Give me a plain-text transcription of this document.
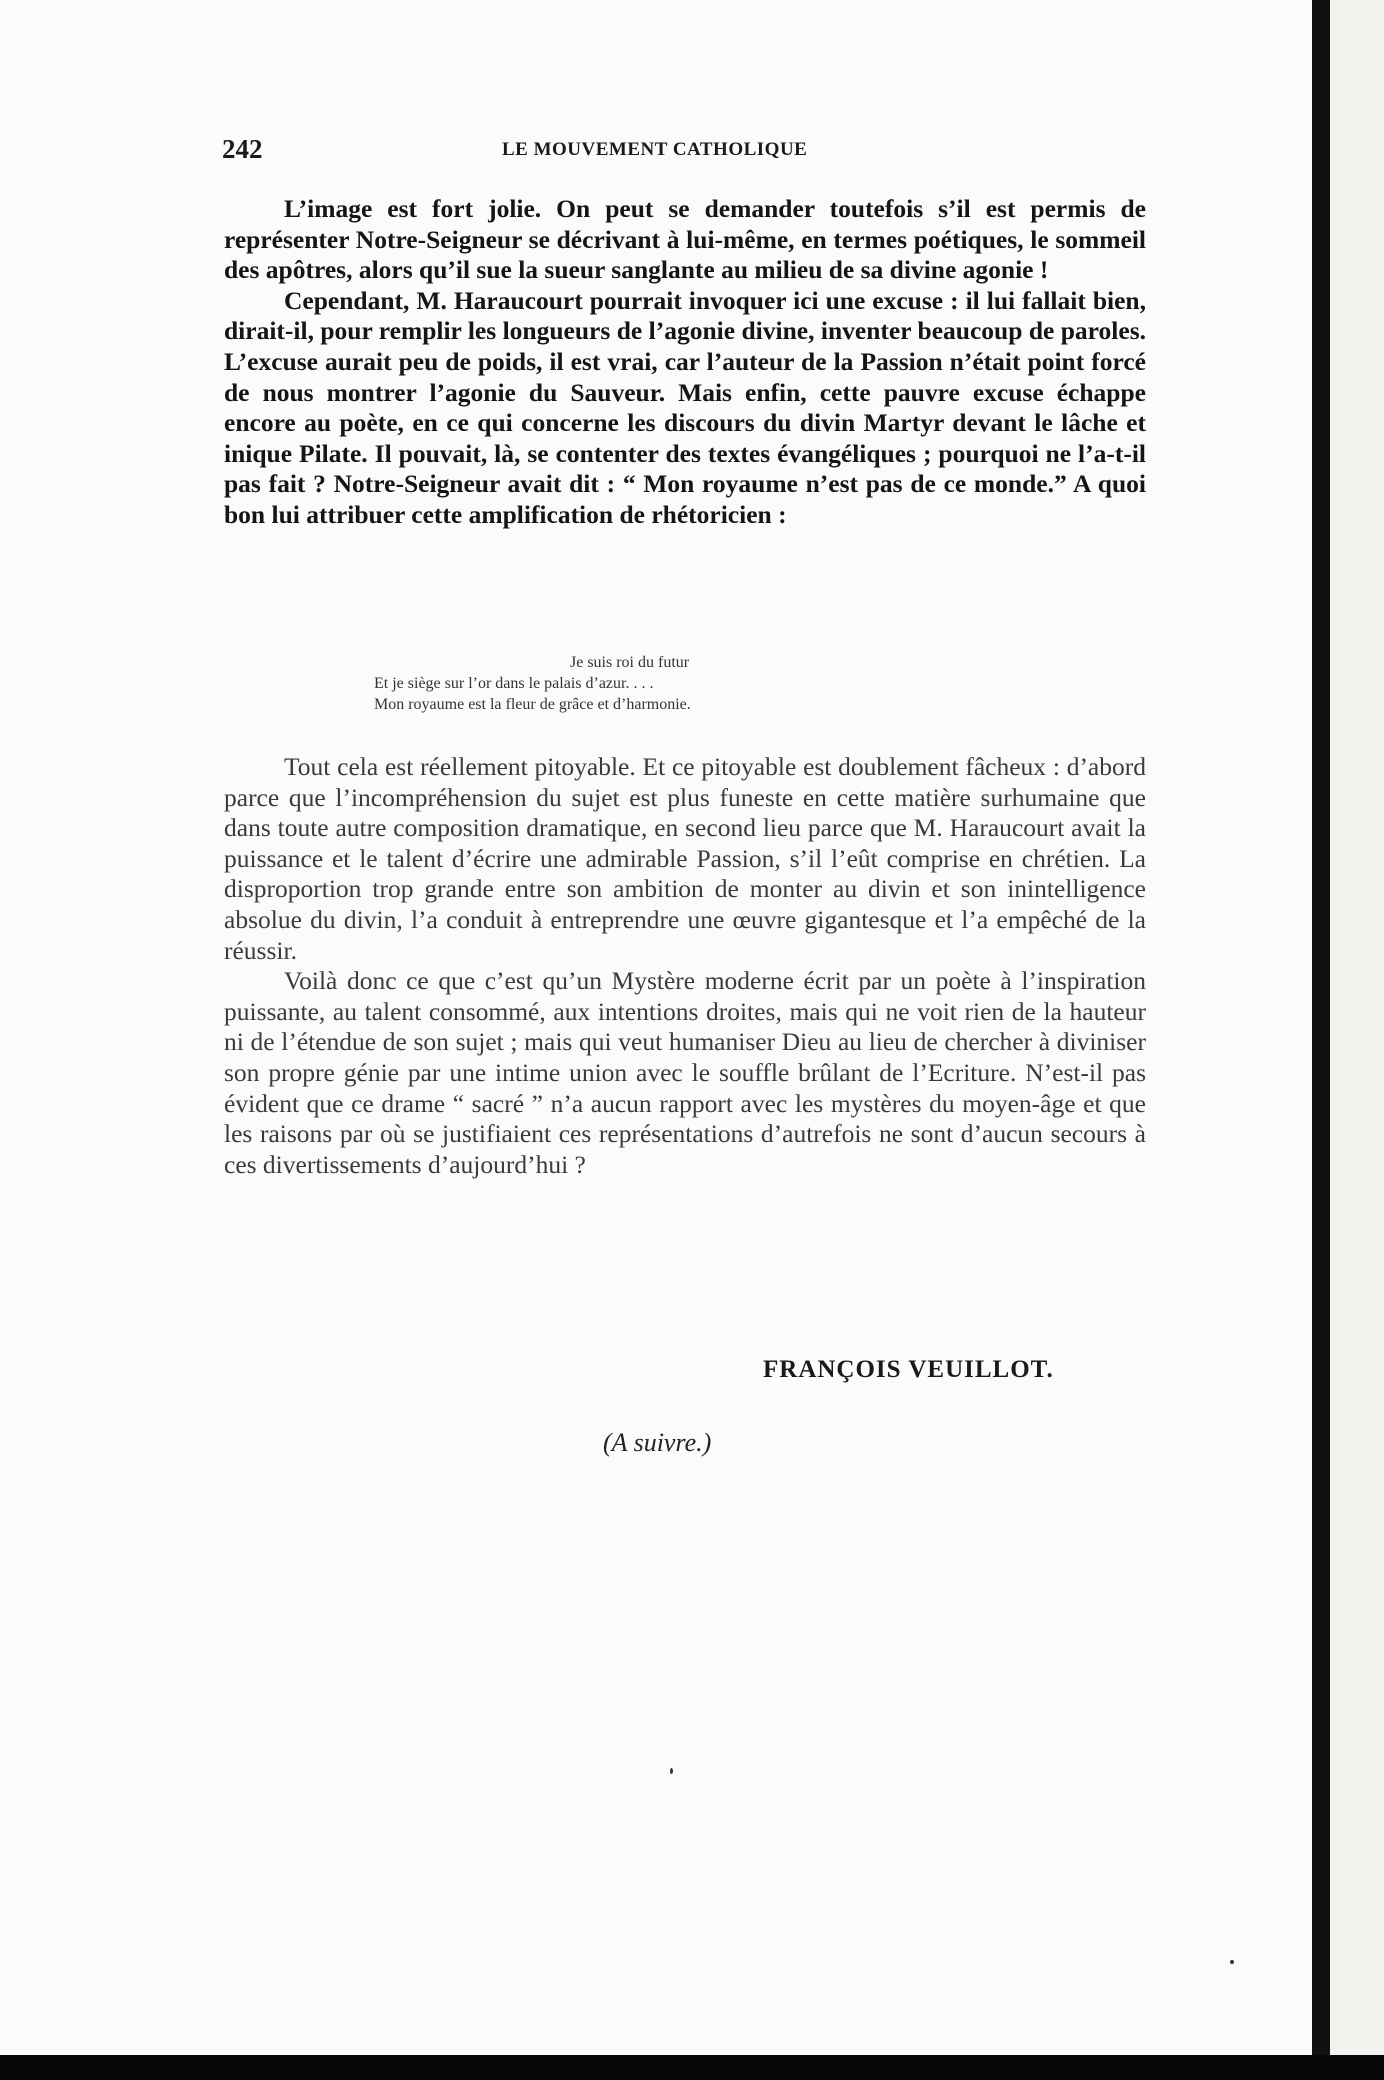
242	LE MOUVEMENT CATHOLIQUE

L’image est fort jolie. On peut se demander toutefois s’il est permis de représenter Notre-Seigneur se décrivant à lui-même, en termes poétiques, le sommeil des apôtres, alors qu’il sue la sueur sanglante au milieu de sa divine agonie !

Cependant, M. Haraucourt pourrait invoquer ici une excuse : il lui fallait bien, dirait-il, pour remplir les longueurs de l’agonie divine, inventer beaucoup de paroles. L’excuse aurait peu de poids, il est vrai, car l’auteur de la Passion n’était point forcé de nous montrer l’agonie du Sauveur. Mais enfin, cette pauvre excuse échappe encore au poète, en ce qui concerne les discours du divin Martyr devant le lâche et inique Pilate. Il pouvait, là, se contenter des textes évangéliques ; pourquoi ne l’a-t-il pas fait ? Notre-Seigneur avait dit : “ Mon royaume n’est pas de ce monde.” A quoi bon lui attribuer cette amplification de rhétoricien :

Je suis roi du futur
Et je siège sur l’or dans le palais d’azur. . . .
Mon royaume est la fleur de grâce et d’harmonie.

Tout cela est réellement pitoyable. Et ce pitoyable est doublement fâcheux : d’abord parce que l’incompréhension du sujet est plus funeste en cette matière surhumaine que dans toute autre composition dramatique, en second lieu parce que M. Haraucourt avait la puissance et le talent d’écrire une admirable Passion, s’il l’eût comprise en chrétien. La disproportion trop grande entre son ambition de monter au divin et son inintelligence absolue du divin, l’a conduit à entreprendre une œuvre gigantesque et l’a empêché de la réussir.

Voilà donc ce que c’est qu’un Mystère moderne écrit par un poète à l’inspiration puissante, au talent consommé, aux intentions droites, mais qui ne voit rien de la hauteur ni de l’étendue de son sujet ; mais qui veut humaniser Dieu au lieu de chercher à diviniser son propre génie par une intime union avec le souffle brûlant de l’Ecriture. N’est-il pas évident que ce drame “ sacré ” n’a aucun rapport avec les mystères du moyen-âge et que les raisons par où se justifiaient ces représentations d’autrefois ne sont d’aucun secours à ces divertissements d’aujourd’hui ?

FRANÇOIS VEUILLOT.
(A suivre.)
